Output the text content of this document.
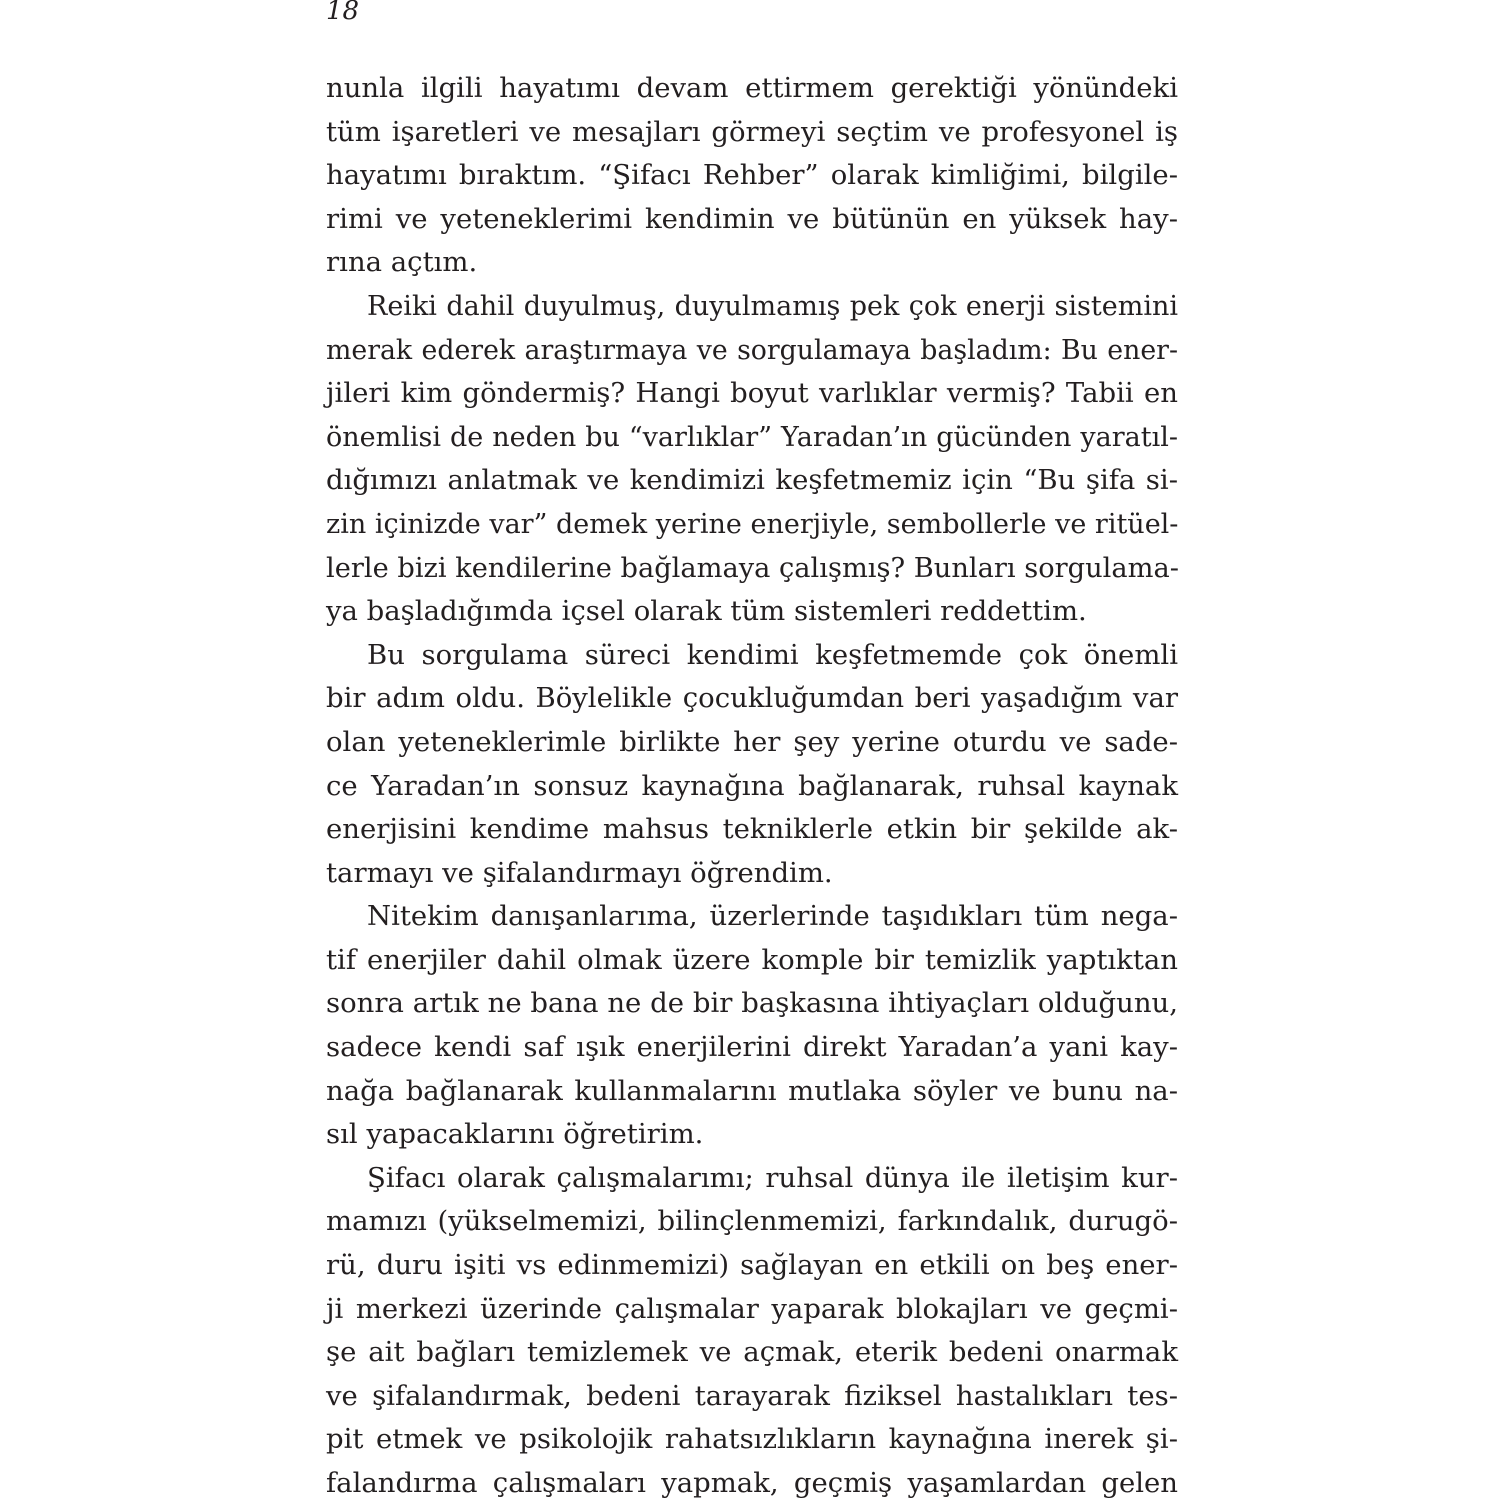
18

nunla ilgili hayatımı devam ettirmem gerektiği yönündeki
tüm işaretleri ve mesajları görmeyi seçtim ve profesyonel iş
hayatımı bıraktım. “Şifacı Rehber” olarak kimliğimi, bilgile-
rimi ve yeteneklerimi kendimin ve bütünün en yüksek hay-
rına açtım.
Reiki dahil duyulmuş, duyulmamış pek çok enerji sistemini
merak ederek araştırmaya ve sorgulamaya başladım: Bu ener-
jileri kim göndermiş? Hangi boyut varlıklar vermiş? Tabii en
önemlisi de neden bu “varlıklar” Yaradan’ın gücünden yaratıl-
dığımızı anlatmak ve kendimizi keşfetmemiz için “Bu şifa si-
zin içinizde var” demek yerine enerjiyle, sembollerle ve ritüel-
lerle bizi kendilerine bağlamaya çalışmış? Bunları sorgulama-
ya başladığımda içsel olarak tüm sistemleri reddettim.
Bu sorgulama süreci kendimi keşfetmemde çok önemli
bir adım oldu. Böylelikle çocukluğumdan beri yaşadığım var
olan yeteneklerimle birlikte her şey yerine oturdu ve sade-
ce Yaradan’ın sonsuz kaynağına bağlanarak, ruhsal kaynak
enerjisini kendime mahsus tekniklerle etkin bir şekilde ak-
tarmayı ve şifalandırmayı öğrendim.
Nitekim danışanlarıma, üzerlerinde taşıdıkları tüm nega-
tif enerjiler dahil olmak üzere komple bir temizlik yaptıktan
sonra artık ne bana ne de bir başkasına ihtiyaçları olduğunu,
sadece kendi saf ışık enerjilerini direkt Yaradan’a yani kay-
nağa bağlanarak kullanmalarını mutlaka söyler ve bunu na-
sıl yapacaklarını öğretirim.
Şifacı olarak çalışmalarımı; ruhsal dünya ile iletişim kur-
mamızı (yükselmemizi, bilinçlenmemizi, farkındalık, durugö-
rü, duru işiti vs edinmemizi) sağlayan en etkili on beş ener-
ji merkezi üzerinde çalışmalar yaparak blokajları ve geçmi-
şe ait bağları temizlemek ve açmak, eterik bedeni onarmak
ve şifalandırmak, bedeni tarayarak fiziksel hastalıkları tes-
pit etmek ve psikolojik rahatsızlıkların kaynağına inerek şi-
falandırma çalışmaları yapmak, geçmiş yaşamlardan gelen
